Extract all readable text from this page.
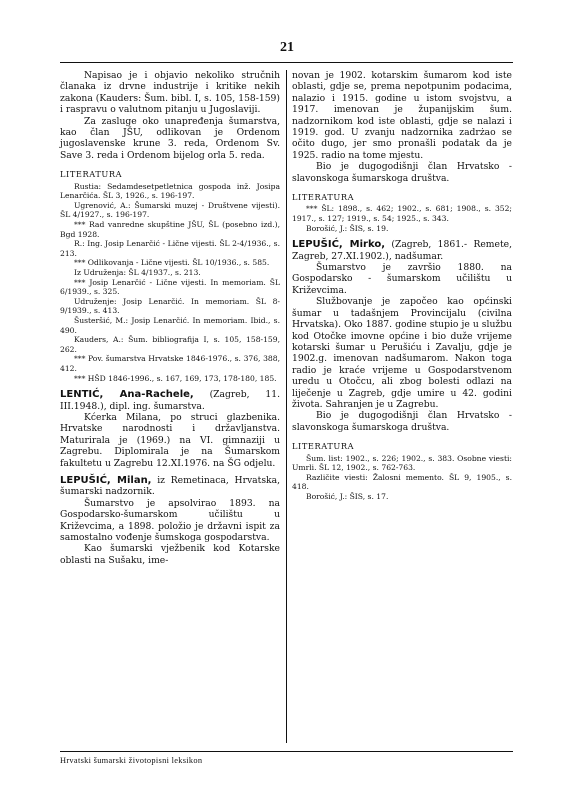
21

Napisao je i objavio nekoliko stručnih članaka iz drvne industrije i kritike nekih zakona (Kauders: Šum. bibl. I, s. 105, 158-159) i raspravu o valutnom pitanju u Jugoslaviji.

Za zasluge oko unapređenja šumarstva, kao član JŠU, odlikovan je Ordenom jugoslavenske krune 3. reda, Ordenom Sv. Save 3. reda i Ordenom bijelog orla 5. reda.

LITERATURA

Rustia: Sedamdesetpetletnica gospoda inž. Josipa Lenarčića. ŠL 3, 1926., s. 196-197.

Ugrenović, A.: Šumarski muzej - Društvene vijesti). ŠL 4/1927., s. 196-197.

*** Rad vanredne skupštine JŠU, ŠL (posebno izd.), Bgd 1928.

R.: Ing. Josip Lenarčić - Lične vijesti. ŠL 2-4/1936., s. 213.

*** Odlikovanja - Lične vijesti. ŠL 10/1936., s. 585.

Iz Udruženja: ŠL 4/1937., s. 213.

*** Josip Lenarčić - Lične vijesti. In memoriam. ŠL 6/1939., s. 325.

Udruženje: Josip Lenarčić. In memoriam. ŠL 8-9/1939., s. 413.

Šusteršić, M.: Josip Lenarčić. In memoriam. Ibid., s. 490.

Kauders, A.: Šum. bibliografija I, s. 105, 158-159, 262.

*** Pov. šumarstva Hrvatske 1846-1976., s. 376, 388, 412.

*** HŠD 1846-1996., s. 167, 169, 173, 178-180, 185.

LENTIĆ, Ana-Rachele, (Zagreb, 11. III.1948.), dipl. ing. šumarstva.

Kćerka Milana, po struci glazbenika. Hrvatske narodnosti i državljanstva. Maturirala je (1969.) na VI. gimnaziji u Zagrebu. Diplomirala je na Šumarskom fakultetu u Zagrebu 12.XI.1976. na ŠG odjelu.

LEPUŠIĆ, Milan, iz Remetinaca, Hrvatska, šumarski nadzornik.

Šumarstvo je apsolvirao 1893. na Gospodarsko-šumarskom učilištu u Križevcima, a 1898. položio je državni ispit za samostalno vođenje šumskoga gospodarstva.

Kao šumarski vježbenik kod Kotarske oblasti na Sušaku, ime-

novan je 1902. kotarskim šumarom kod iste oblasti, gdje se, prema nepotpunim podacima, nalazio i 1915. godine u istom svojstvu, a 1917. imenovan je županijskim šum. nadzornikom kod iste oblasti, gdje se nalazi i 1919. god. U zvanju nadzornika zadrżao se očito dugo, jer smo pronašli podatak da je 1925. radio na tome mjestu.

Bio je dugogodišnji član Hrvatsko - slavonskoga šumarskoga društva.

LITERATURA

*** ŠL: 1898., s. 462; 1902., s. 681; 1908., s. 352; 1917., s. 127; 1919., s. 54; 1925., s. 343.

Borošić, J.: ŠIS, s. 19.

LEPUŠIĆ, Mirko, (Zagreb, 1861.- Remete, Zagreb, 27.XI.1902.), nadšumar.

Šumarstvo je završio 1880. na Gospodarsko - šumarskom učilištu u Križevcima.

Službovanje je započeo kao općinski šumar u tadašnjem Provincijalu (civilna Hrvatska). Oko 1887. godine stupio je u službu kod Otočke imovne općine i bio duže vrijeme kotarski šumar u Perušiću i Zavalju, gdje je 1902.g. imenovan nadšumarom. Nakon toga radio je kraće vrijeme u Gospodarstvenom uredu u Otočcu, ali zbog bolesti odlazi na liječenje u Zagreb, gdje umire u 42. godini života. Sahranjen je u Zagrebu.

Bio je dugogodišnji član Hrvatsko - slavonskoga šumarskoga društva.

LITERATURA

Šum. list: 1902., s. 226; 1902., s. 383. Osobne viesti: Umrli. ŠL 12, 1902., s. 762-763.

Različite viesti: Žalosni memento. ŠL 9, 1905., s. 418.

Borošić, J.: ŠIS, s. 17.

Hrvatski šumarski životopisni leksikon
